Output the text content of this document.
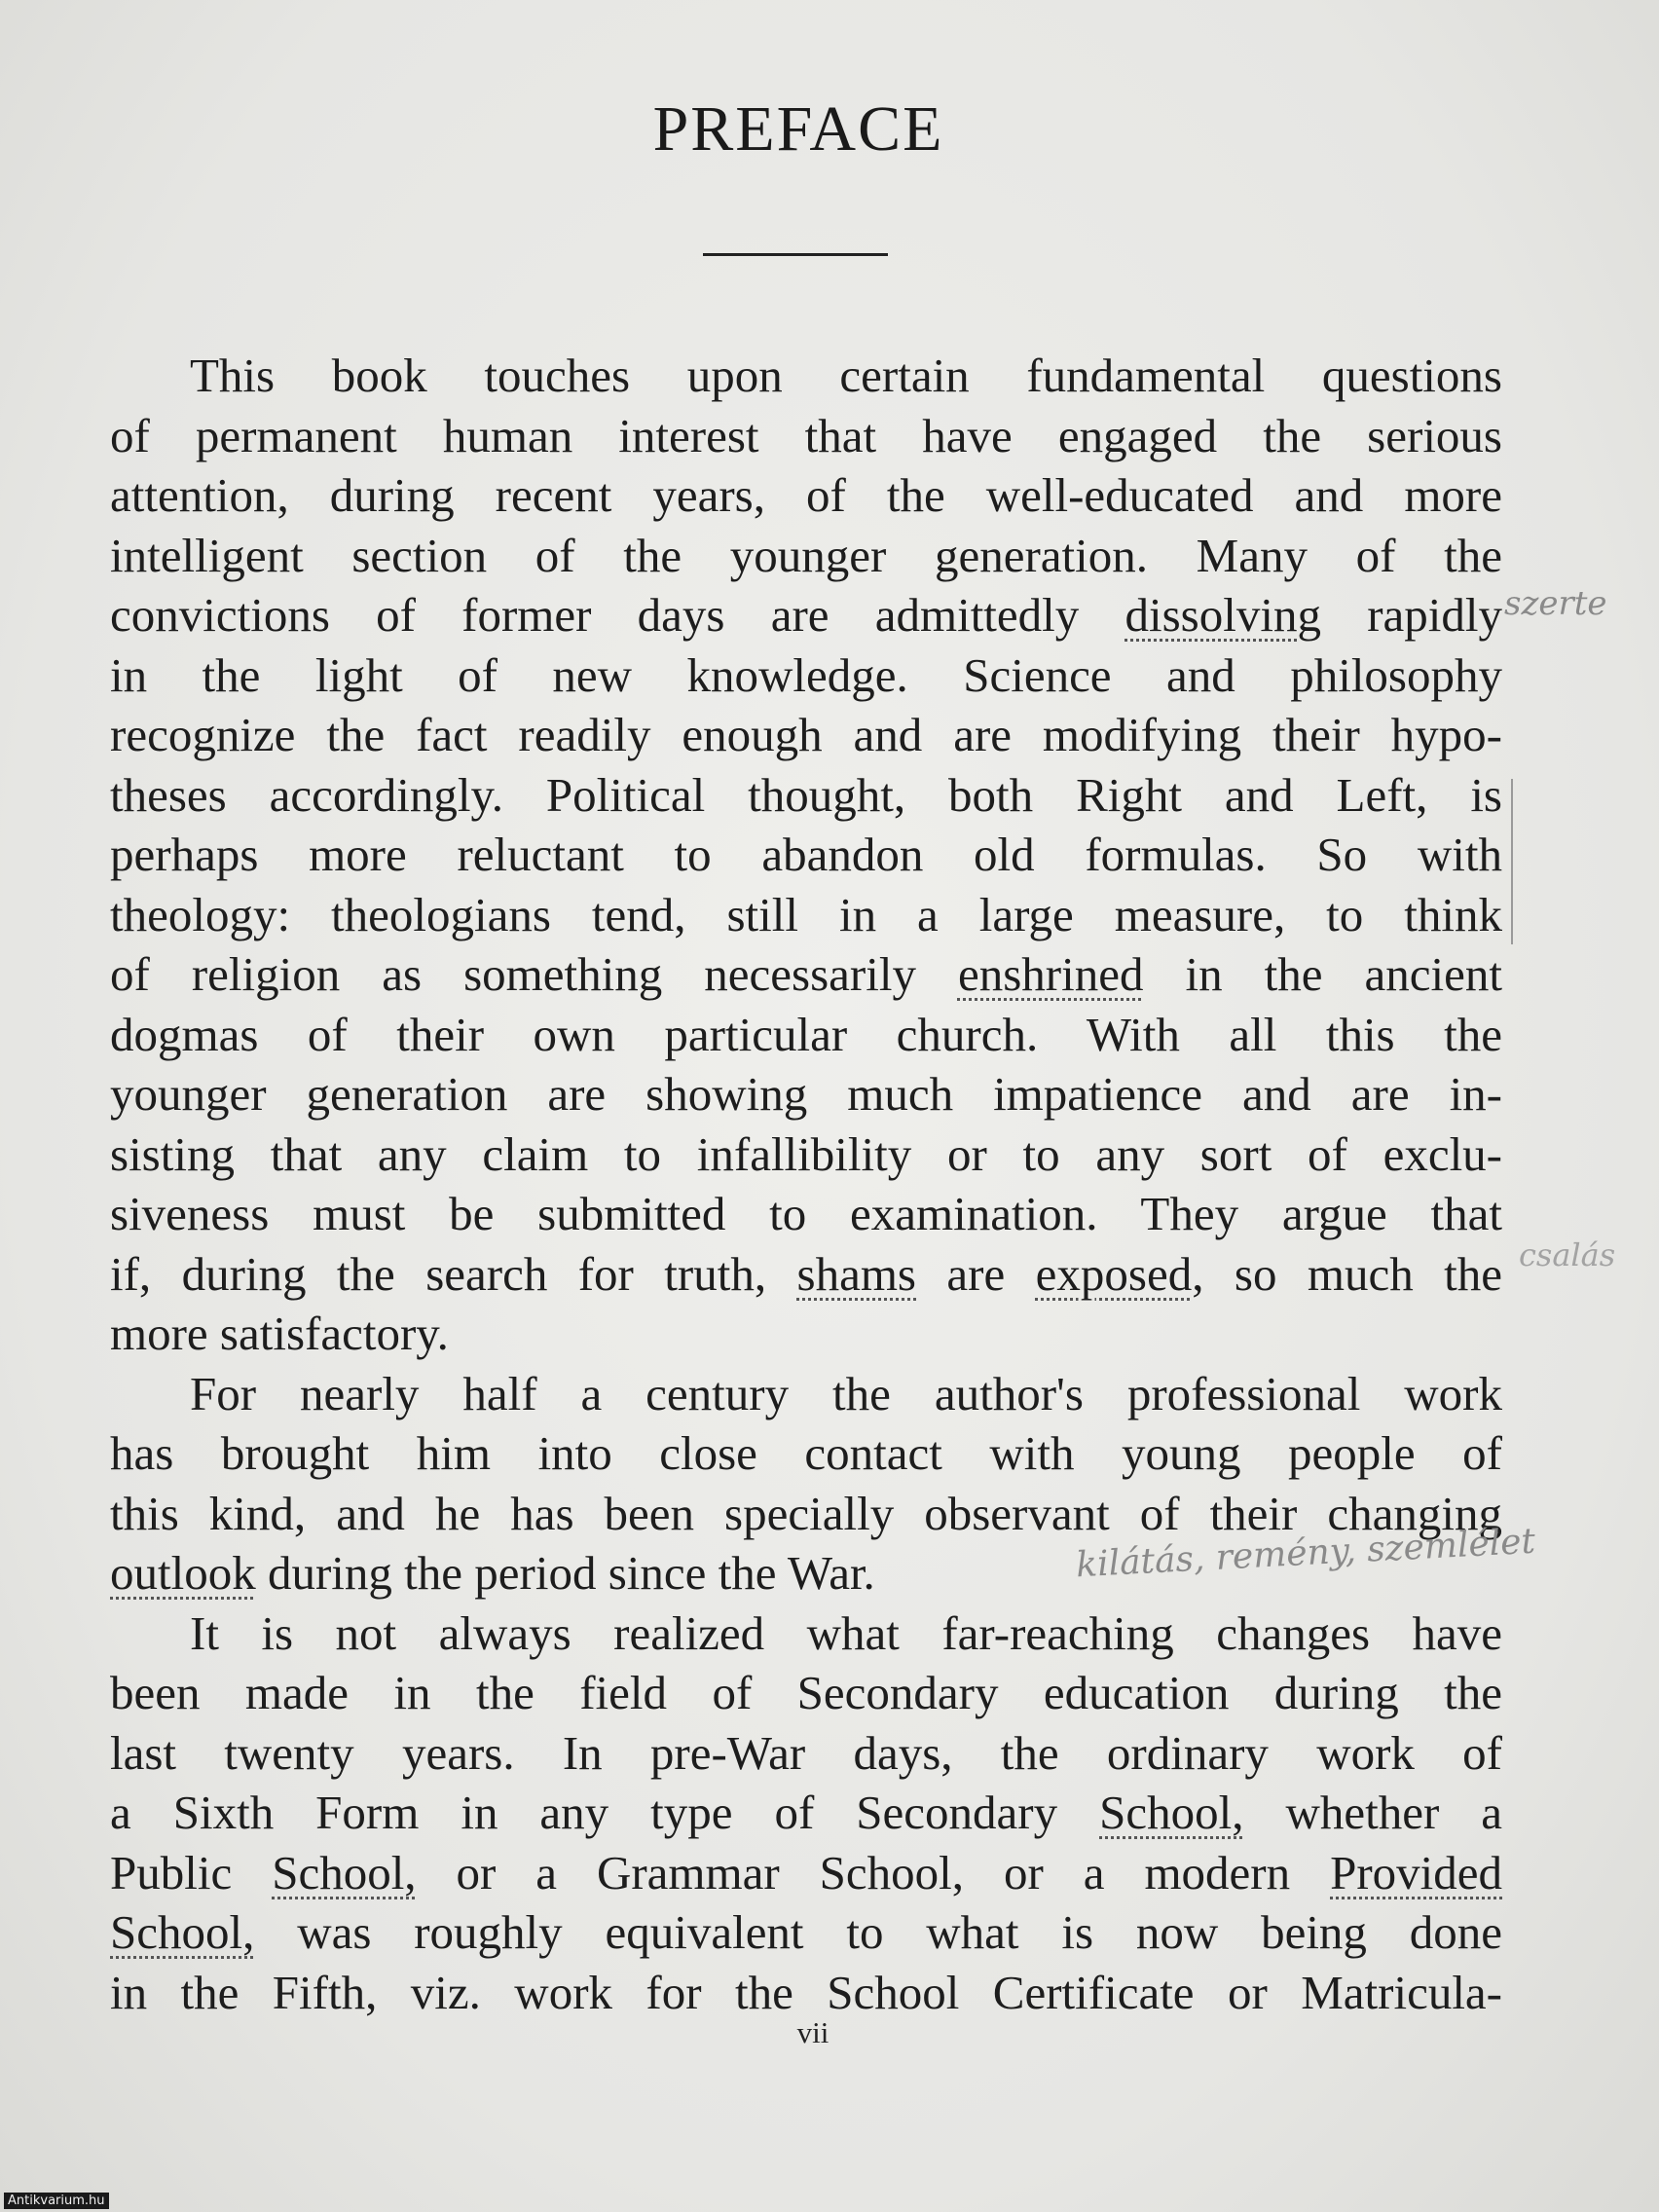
PREFACE
This book touches upon certain fundamental questions
of permanent human interest that have engaged the serious
attention, during recent years, of the well-educated and more
intelligent section of the younger generation. Many of the
convictions of former days are admittedly dissolving rapidly
in the light of new knowledge. Science and philosophy
recognize the fact readily enough and are modifying their hypo-
theses accordingly. Political thought, both Right and Left, is
perhaps more reluctant to abandon old formulas. So with
theology: theologians tend, still in a large measure, to think
of religion as something necessarily enshrined in the ancient
dogmas of their own particular church. With all this the
younger generation are showing much impatience and are in-
sisting that any claim to infallibility or to any sort of exclu-
siveness must be submitted to examination. They argue that
if, during the search for truth, shams are exposed, so much the
more satisfactory.
For nearly half a century the author's professional work
has brought him into close contact with young people of
this kind, and he has been specially observant of their changing
outlook during the period since the War.
It is not always realized what far-reaching changes have
been made in the field of Secondary education during the
last twenty years. In pre-War days, the ordinary work of
a Sixth Form in any type of Secondary School, whether a
Public School, or a Grammar School, or a modern Provided
School, was roughly equivalent to what is now being done
in the Fifth, viz. work for the School Certificate or Matricula-
szerte
csalás
kilátás, remény, szemlélet
vii
Antikvarium.hu
